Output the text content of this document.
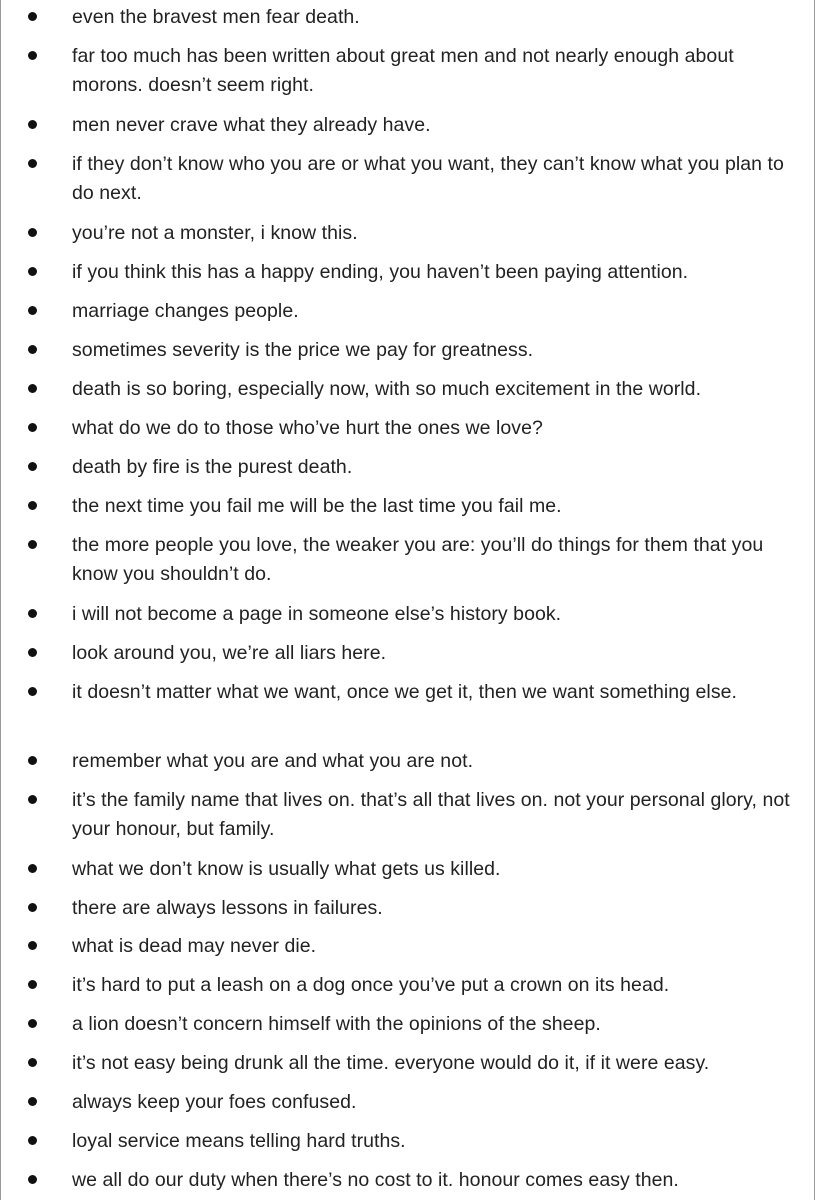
even the bravest men fear death.
far too much has been written about great men and not nearly enough about morons. doesn’t seem right.
men never crave what they already have.
if they don’t know who you are or what you want, they can’t know what you plan to do next.
you’re not a monster, i know this.
if you think this has a happy ending, you haven’t been paying attention.
marriage changes people.
sometimes severity is the price we pay for greatness.
death is so boring, especially now, with so much excitement in the world.
what do we do to those who’ve hurt the ones we love?
death by fire is the purest death.
the next time you fail me will be the last time you fail me.
the more people you love, the weaker you are: you’ll do things for them that you know you shouldn’t do.
i will not become a page in someone else’s history book.
look around you, we’re all liars here.
it doesn’t matter what we want, once we get it, then we want something else.
remember what you are and what you are not.
it’s the family name that lives on. that’s all that lives on. not your personal glory, not your honour, but family.
what we don’t know is usually what gets us killed.
there are always lessons in failures.
what is dead may never die.
it’s hard to put a leash on a dog once you’ve put a crown on its head.
a lion doesn’t concern himself with the opinions of the sheep.
it’s not easy being drunk all the time. everyone would do it, if it were easy.
always keep your foes confused.
loyal service means telling hard truths.
we all do our duty when there’s no cost to it. honour comes easy then.
